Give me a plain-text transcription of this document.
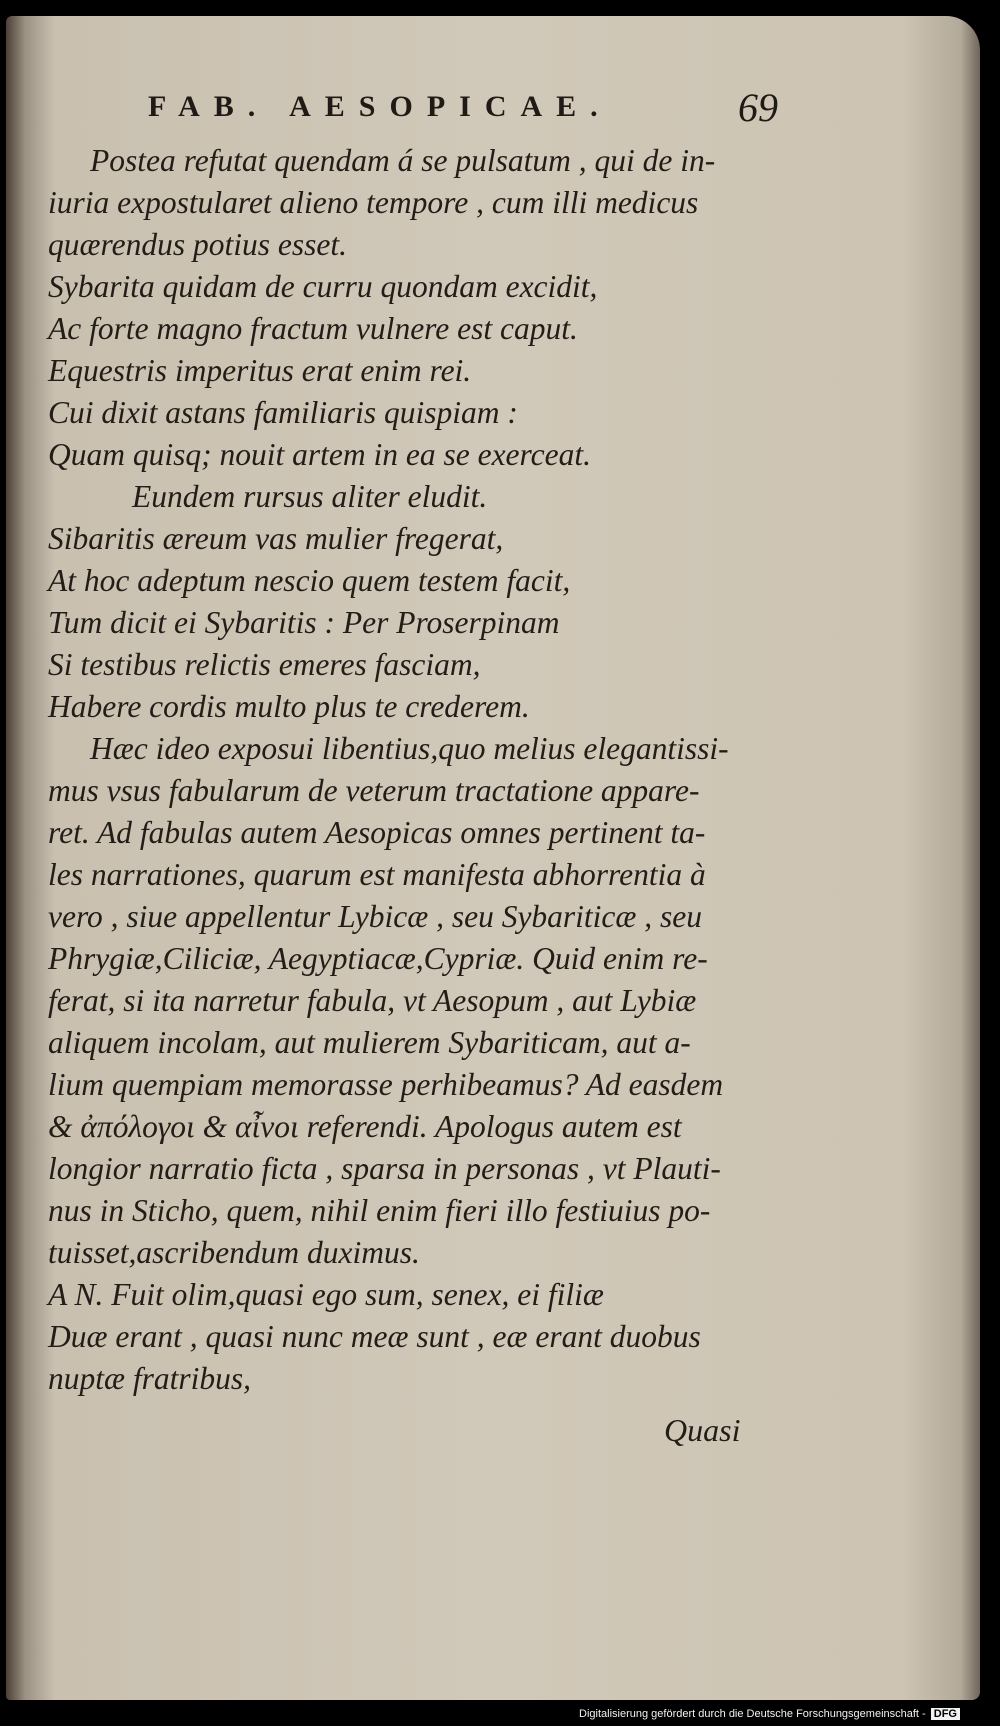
FAB. AESOPICAE.	69
Postea refutat quendam á se pulsatum , qui de in-
iuria expostularet alieno tempore , cum illi medicus
quærendus potius esset.
Sybarita quidam de curru quondam excidit,
Ac forte magno fractum vulnere est caput.
Equestris imperitus erat enim rei.
Cui dixit astans familiaris quispiam :
Quam quisq; nouit artem in ea se exerceat.
Eundem rursus aliter eludit.
Sibaritis æreum vas mulier fregerat,
At hoc adeptum nescio quem testem facit,
Tum dicit ei Sybaritis : Per Proserpinam
Si testibus relictis emeres fasciam,
Habere cordis multo plus te crederem.
Hæc ideo exposui libentius,quo melius elegantissi-
mus vsus fabularum de veterum tractatione appare-
ret. Ad fabulas autem Aesopicas omnes pertinent ta-
les narrationes, quarum est manifesta abhorrentia à
vero , siue appellentur Lybicæ , seu Sybariticæ , seu
Phrygiæ,Ciliciæ, Aegyptiacæ,Cypriæ. Quid enim re-
ferat, si ita narretur fabula, vt Aesopum , aut Lybiæ
aliquem incolam, aut mulierem Sybariticam, aut a-
lium quempiam memorasse perhibeamus? Ad easdem
& ἀπόλογοι & αἶνοι referendi. Apologus autem est
longior narratio ficta , sparsa in personas , vt Plauti-
nus in Sticho, quem, nihil enim fieri illo festiuius po-
tuisset,ascribendum duximus.
A N. Fuit olim,quasi ego sum, senex, ei filiæ
Duæ erant , quasi nunc meæ sunt , eæ erant duobus
nuptæ fratribus,
Quasi
Digitalisierung gefördert durch die Deutsche Forschungsgemeinschaft - DFG
